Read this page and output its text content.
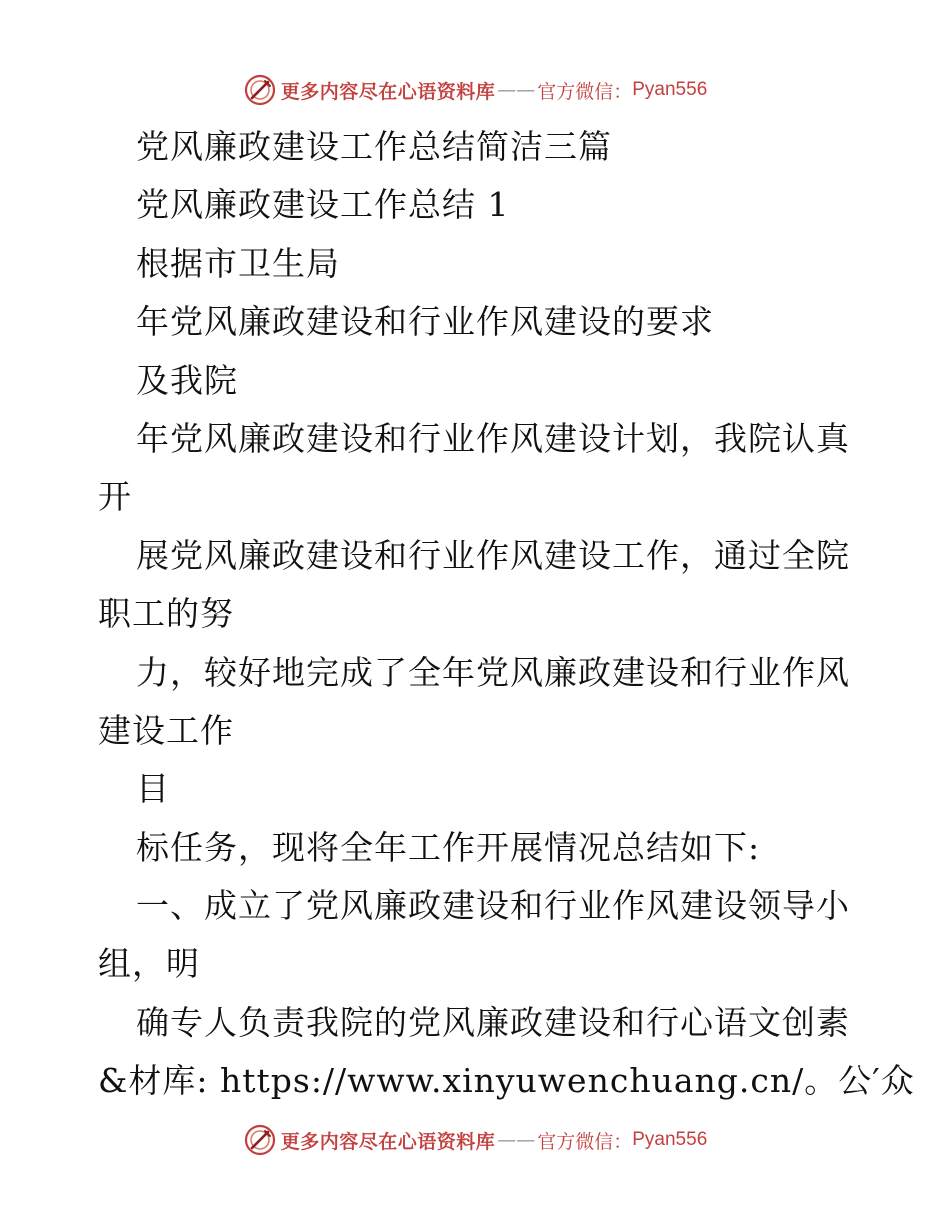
更多内容尽在心语资料库 —— 官方微信： Pyan556
党风廉政建设工作总结简洁三篇
党风廉政建设工作总结 1
根据市卫生局
年党风廉政建设和行业作风建设的要求
及我院
年党风廉政建设和行业作风建设计划，我院认真
开
展党风廉政建设和行业作风建设工作，通过全院
职工的努
力，较好地完成了全年党风廉政建设和行业作风
建设工作
目
标任务，现将全年工作开展情况总结如下:
一、成立了党风廉政建设和行业作风建设领导小
组，明
确专人负责我院的党风廉政建设和行心语文创素
&材库: https://www.xinyuwenchuang.cn/。公′众
更多内容尽在心语资料库 —— 官方微信： Pyan556
